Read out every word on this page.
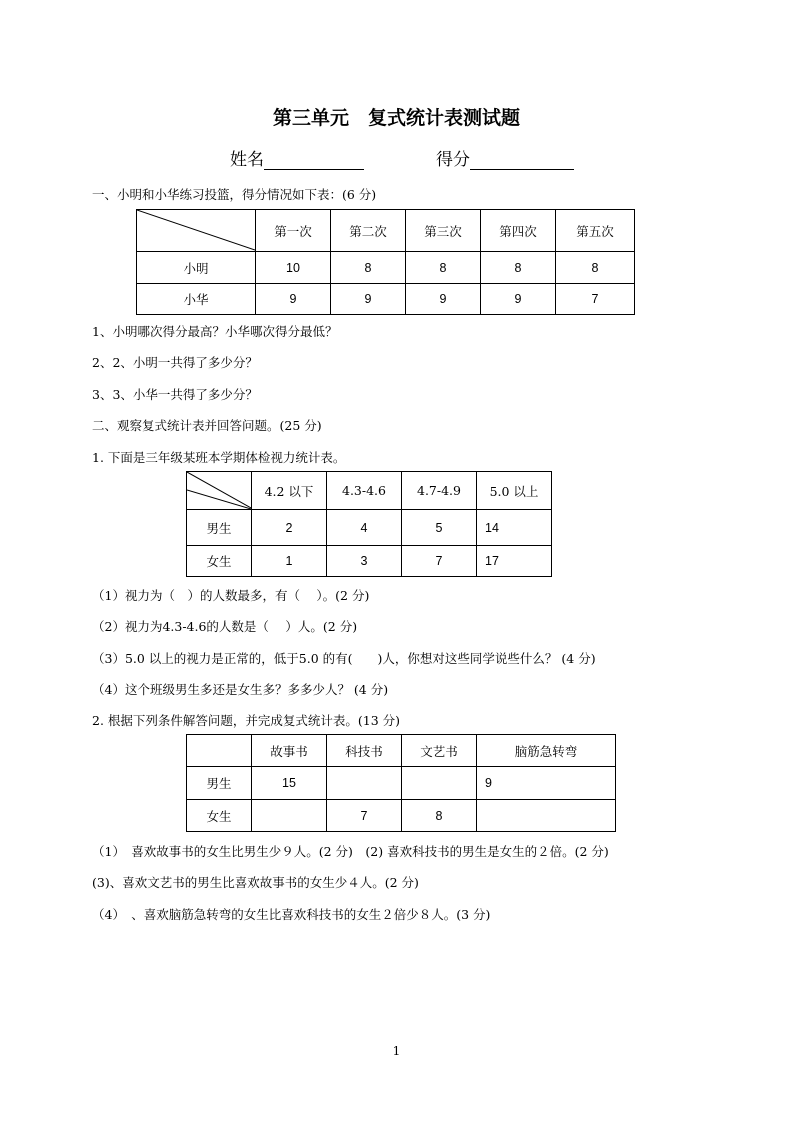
第三单元　复式统计表测试题
姓名	得分
一、小明和小华练习投篮，得分情况如下表：(6 分)
	第一次	第二次	第三次	第四次	第五次
小明	10	8	8	8	8
小华	9	9	9	9	7
1、小明哪次得分最高？小华哪次得分最低？
2、2、小明一共得了多少分？
3、3、小华一共得了多少分？
二、观察复式统计表并回答问题。(25 分)
1. 下面是三年级某班本学期体检视力统计表。
	4.2 以下	4.3-4.6	4.7-4.9	5.0 以上
男生	2	4	5	14
女生	1	3	7	17
（1）视力为（　）的人数最多，有（　 ）。(2 分)
（2）视力为4.3-4.6的人数是（　 ）人。(2 分)
（3）5.0 以上的视力是正常的，低于5.0 的有(　　)人，你想对这些同学说些什么？ (4 分)
（4）这个班级男生多还是女生多？多多少人？ (4 分)
2. 根据下列条件解答问题，并完成复式统计表。(13 分)
	故事书	科技书	文艺书	脑筋急转弯
男生	15			9
女生		7	8	
（1）　喜欢故事书的女生比男生少９人。(2 分)　(2) 喜欢科技书的男生是女生的２倍。(2 分)
(3)、喜欢文艺书的男生比喜欢故事书的女生少４人。(2 分)
（4）　、喜欢脑筋急转弯的女生比喜欢科技书的女生２倍少８人。(3 分)
1
